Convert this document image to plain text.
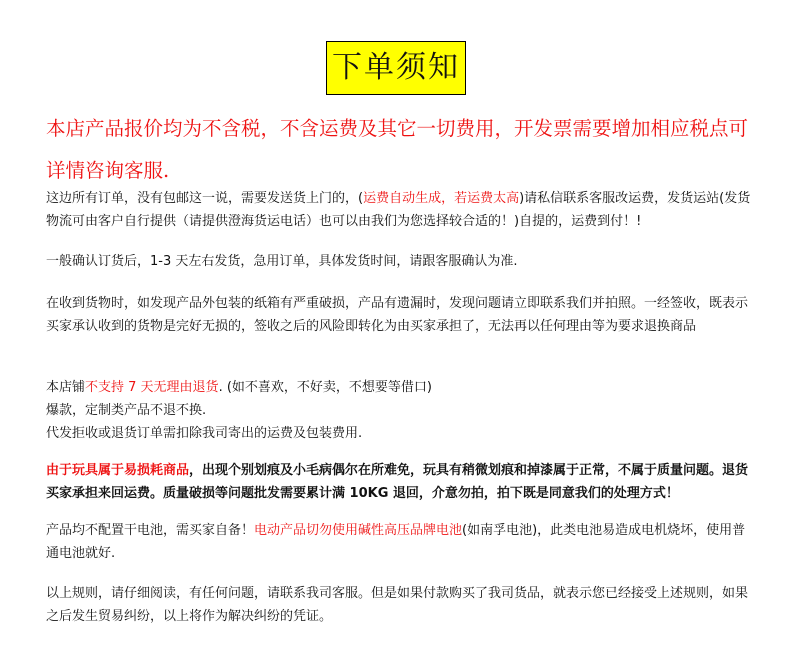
下单须知

本店产品报价均为不含税，不含运费及其它一切费用，开发票需要增加相应税点可详情咨询客服.

这边所有订单，没有包邮这一说，需要发送货上门的，(运费自动生成，若运费太高)请私信联系客服改运费，发货运站(发货物流可由客户自行提供（请提供澄海货运电话）也可以由我们为您选择较合适的！)自提的，运费到付！!

一般确认订货后，1-3 天左右发货，急用订单，具体发货时间，请跟客服确认为准.

在收到货物时，如发现产品外包装的纸箱有严重破损，产品有遗漏时，发现问题请立即联系我们并拍照。一经签收，既表示买家承认收到的货物是完好无损的，签收之后的风险即转化为由买家承担了，无法再以任何理由等为要求退换商品

本店铺不支持 7 天无理由退货. (如不喜欢，不好卖，不想要等借口)
爆款，定制类产品不退不换.
代发拒收或退货订单需扣除我司寄出的运费及包装费用.

由于玩具属于易损耗商品，出现个别划痕及小毛病偶尔在所难免，玩具有稍微划痕和掉漆属于正常，不属于质量问题。退货买家承担来回运费。质量破损等问题批发需要累计满 10KG 退回，介意勿拍，拍下既是同意我们的处理方式！

产品均不配置干电池，需买家自备！电动产品切勿使用碱性高压品牌电池(如南孚电池)，此类电池易造成电机烧坏，使用普通电池就好.

以上规则，请仔细阅读，有任何问题，请联系我司客服。但是如果付款购买了我司货品，就表示您已经接受上述规则，如果之后发生贸易纠纷，以上将作为解决纠纷的凭证。
